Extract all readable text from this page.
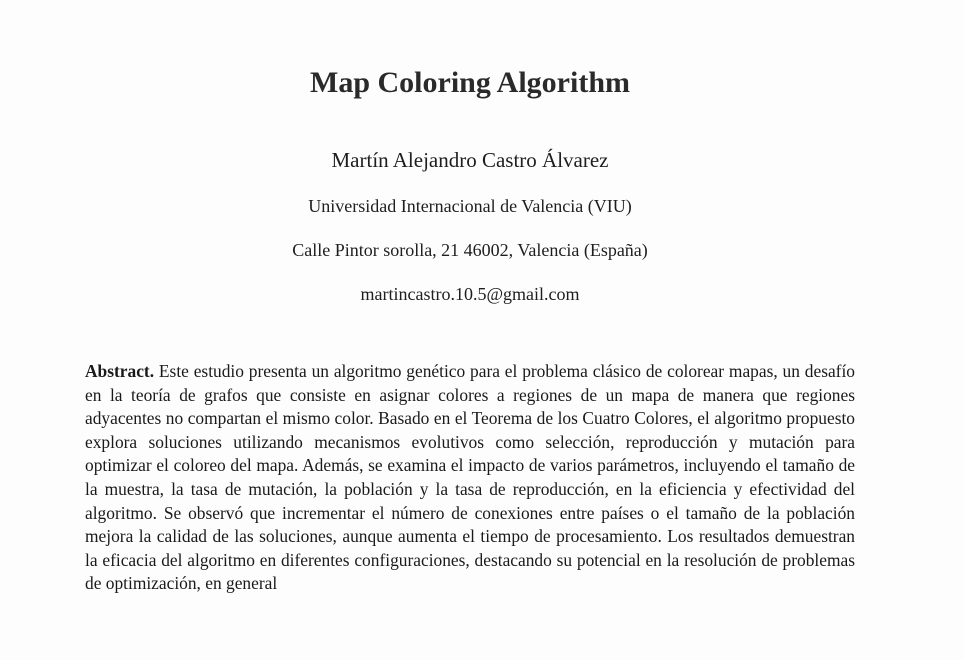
Map Coloring Algorithm
Martín Alejandro Castro Álvarez
Universidad Internacional de Valencia (VIU)
Calle Pintor sorolla, 21 46002, Valencia (España)
martincastro.10.5@gmail.com

Abstract. Este estudio presenta un algoritmo genético para el problema clásico de colorear mapas, un desafío en la teoría de grafos que consiste en asignar colores a regiones de un mapa de manera que regiones adyacentes no compartan el mismo color. Basado en el Teorema de los Cuatro Colores, el algoritmo propuesto explora soluciones utilizando mecanismos evolutivos como selección, reproducción y mutación para optimizar el coloreo del mapa. Además, se examina el impacto de varios parámetros, incluyendo el tamaño de la muestra, la tasa de mutación, la población y la tasa de reproducción, en la eficiencia y efectividad del algoritmo. Se observó que incrementar el número de conexiones entre países o el tamaño de la población mejora la calidad de las soluciones, aunque aumenta el tiempo de procesamiento. Los resultados demuestran la eficacia del algoritmo en diferentes configuraciones, destacando su potencial en la resolución de problemas de optimización, en general
